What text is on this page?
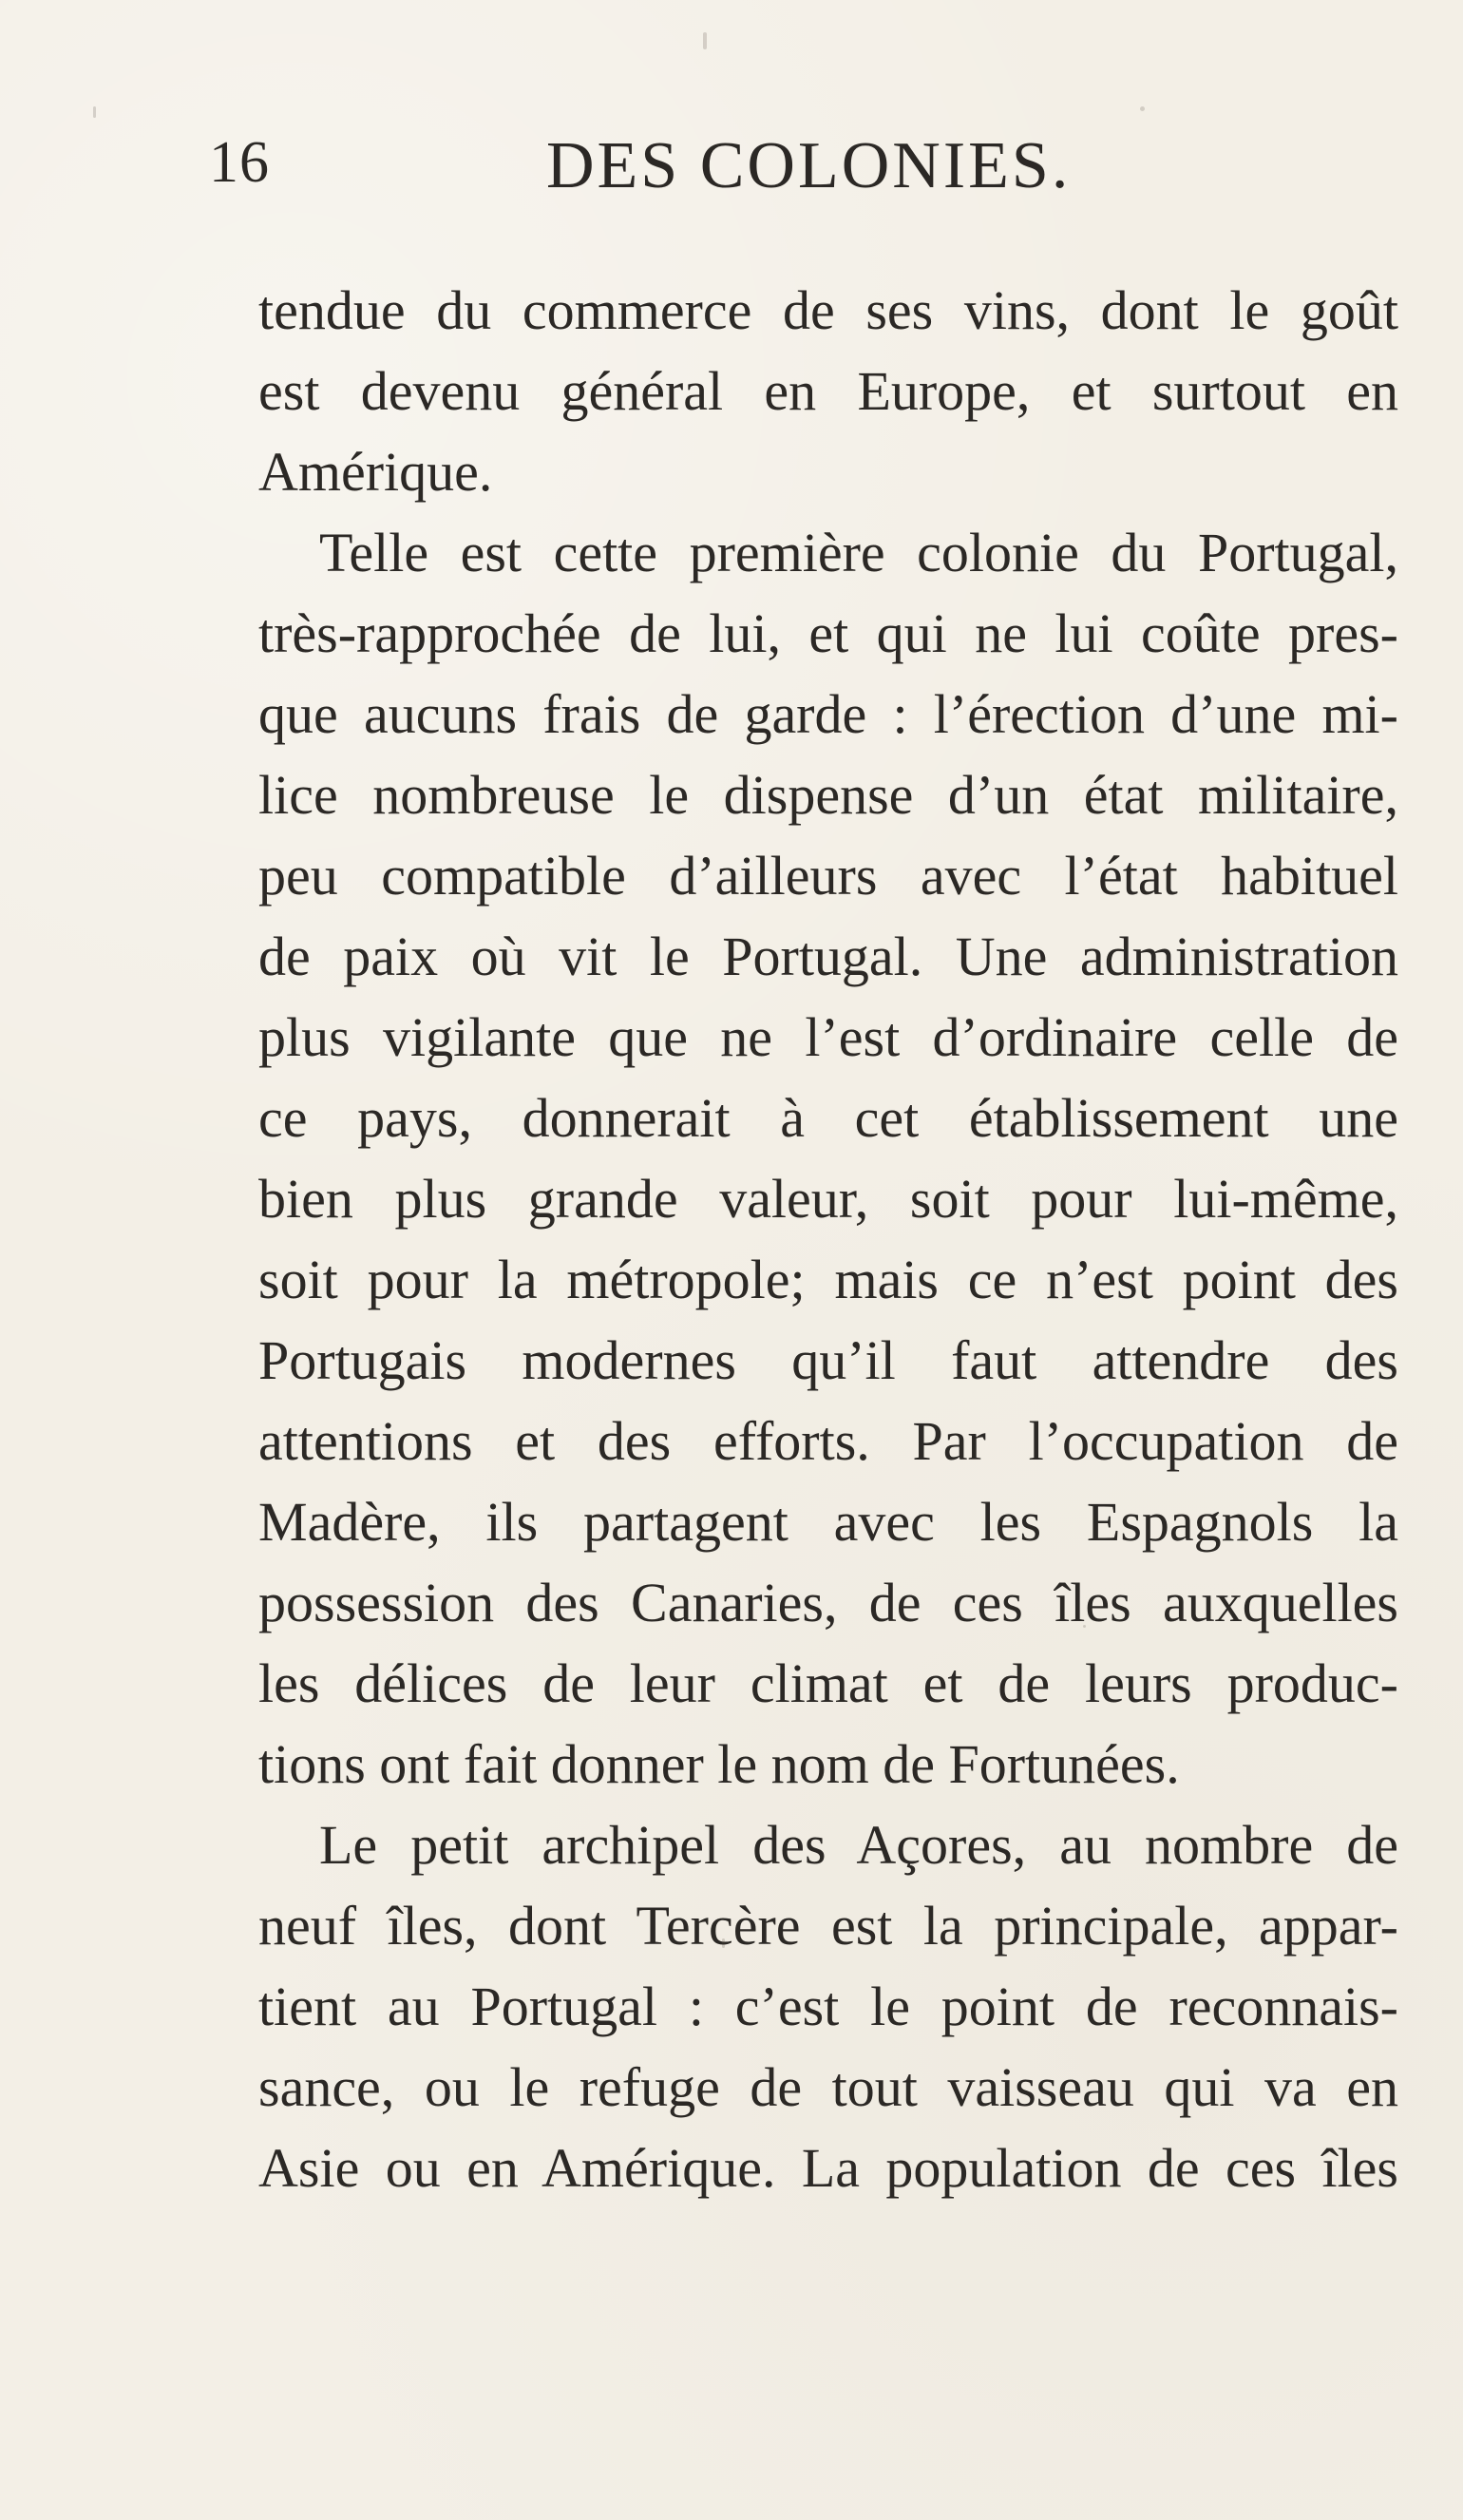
16	DES COLONIES.
tendue du commerce de ses vins, dont le goût
est devenu général en Europe, et surtout en
Amérique.
Telle est cette première colonie du Portugal,
très-rapprochée de lui, et qui ne lui coûte pres-
que aucuns frais de garde : l’érection d’une mi-
lice nombreuse le dispense d’un état militaire,
peu compatible d’ailleurs avec l’état habituel
de paix où vit le Portugal. Une administration
plus vigilante que ne l’est d’ordinaire celle de
ce pays, donnerait à cet établissement une
bien plus grande valeur, soit pour lui-même,
soit pour la métropole; mais ce n’est point des
Portugais modernes qu’il faut attendre des
attentions et des efforts. Par l’occupation de
Madère, ils partagent avec les Espagnols la
possession des Canaries, de ces îles auxquelles
les délices de leur climat et de leurs produc-
tions ont fait donner le nom de Fortunées.
Le petit archipel des Açores, au nombre de
neuf îles, dont Tercère est la principale, appar-
tient au Portugal : c’est le point de reconnais-
sance, ou le refuge de tout vaisseau qui va en
Asie ou en Amérique. La population de ces îles
